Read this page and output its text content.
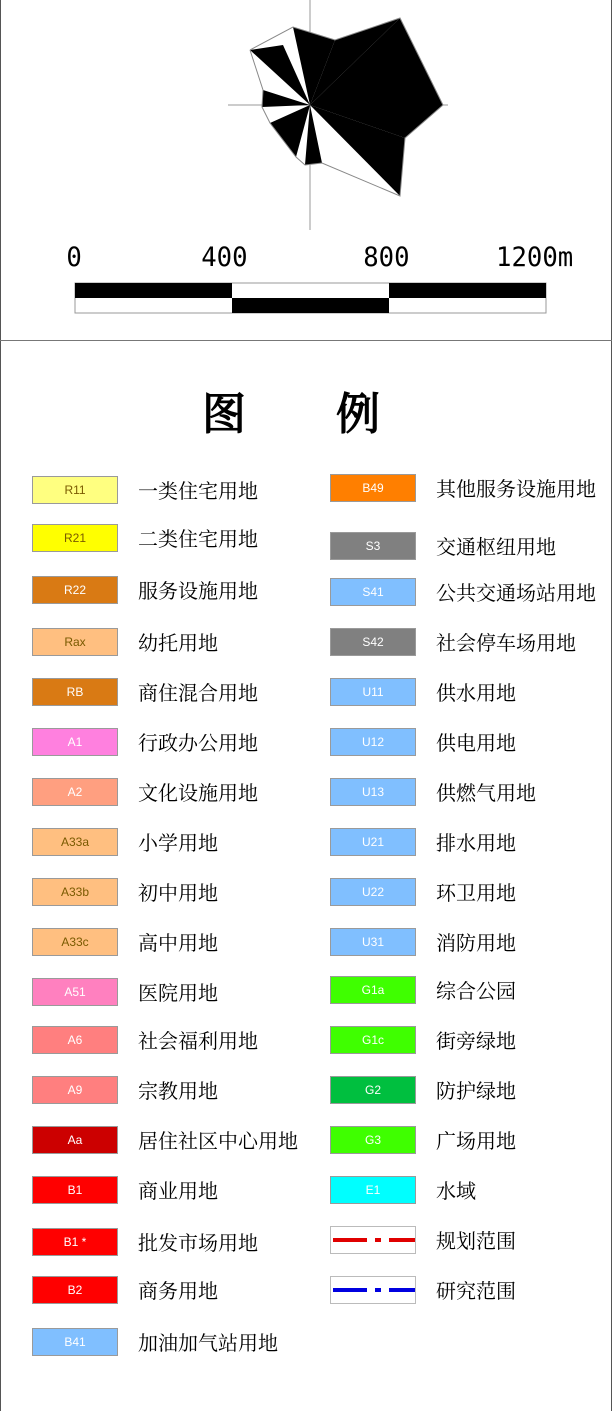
0	400	800	1200m
图 例
R11	一类住宅用地
R21	二类住宅用地
R22	服务设施用地
Rax	幼托用地
RB	商住混合用地
A1	行政办公用地
A2	文化设施用地
A33a	小学用地
A33b	初中用地
A33c	高中用地
A51	医院用地
A6	社会福利用地
A9	宗教用地
Aa	居住社区中心用地
B1	商业用地
B1 *	批发市场用地
B2	商务用地
B41	加油加气站用地
B49	其他服务设施用地
S3	交通枢纽用地
S41	公共交通场站用地
S42	社会停车场用地
U11	供水用地
U12	供电用地
U13	供燃气用地
U21	排水用地
U22	环卫用地
U31	消防用地
G1a	综合公园
G1c	街旁绿地
G2	防护绿地
G3	广场用地
E1	水域
规划范围
研究范围
